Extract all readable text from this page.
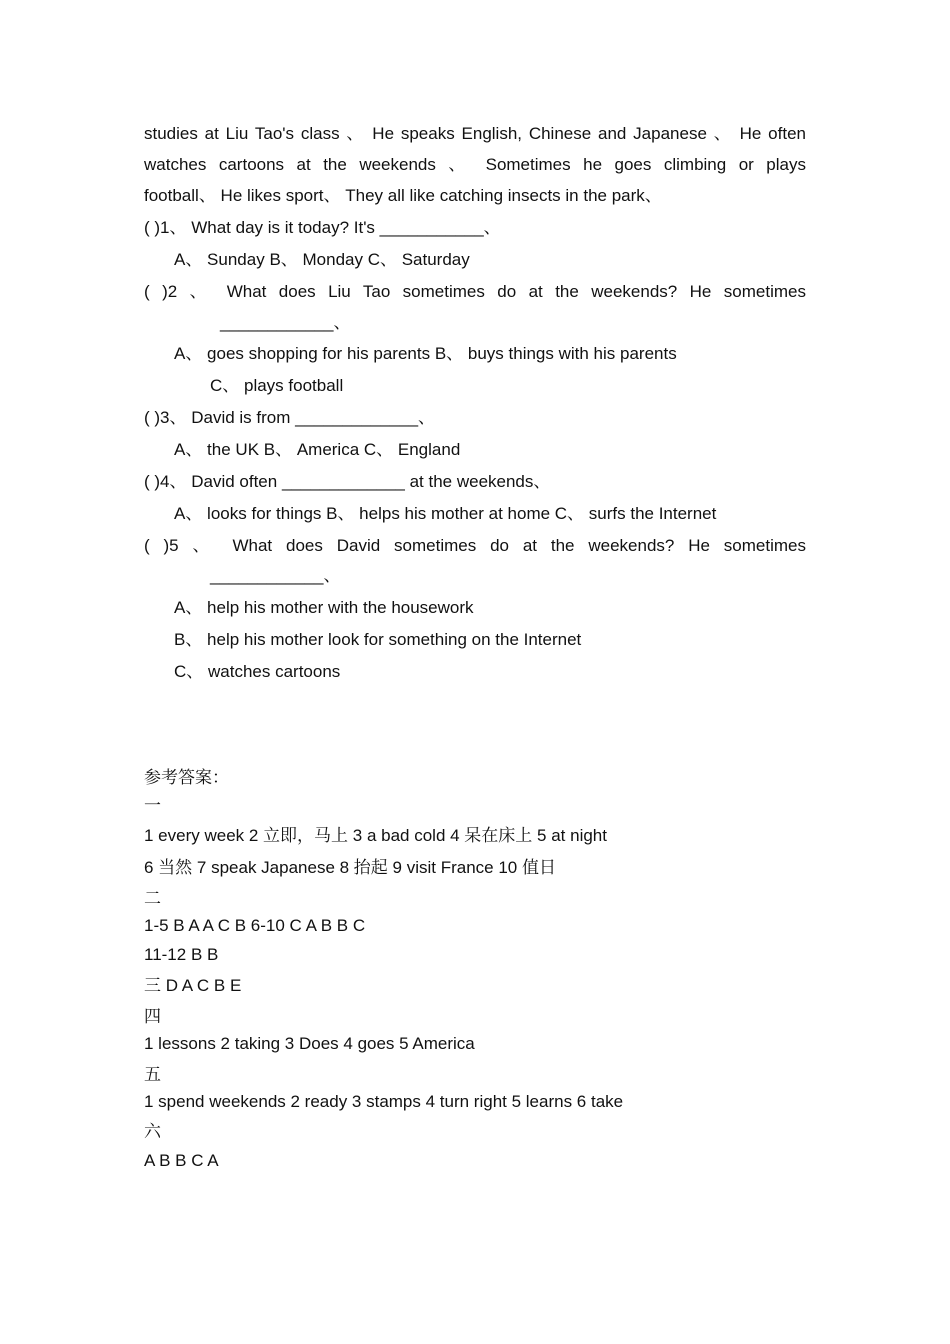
studies at Liu Tao's class 、 He speaks English, Chinese and Japanese 、 He often
watches cartoons at the weekends 、 Sometimes he goes climbing or plays
football、 He likes sport、 They all like catching insects in the park、
( )1、 What day is it today? It's ___________、
A、 Sunday B、 Monday C、 Saturday
( )2 、 What does Liu Tao sometimes do at the weekends? He sometimes
____________、
A、 goes shopping for his parents B、 buys things with his parents
C、 plays football
( )3、 David is from _____________、
A、 the UK B、 America C、 England
( )4、 David often _____________ at the weekends、
A、 looks for things B、 helps his mother at home C、 surfs the Internet
( )5 、 What does David sometimes do at the weekends? He sometimes
____________、
A、 help his mother with the housework
B、 help his mother look for something on the Internet
C、 watches cartoons
参考答案：
一
1 every week 2 立即，马上 3 a bad cold 4 呆在床上 5 at night
6 当然 7 speak Japanese 8 抬起 9 visit France 10 值日
二
1-5 B A A C B 6-10 C A B B C
11-12 B B
三 D A C B E
四
1 lessons 2 taking 3 Does 4 goes 5 America
五
1 spend weekends 2 ready 3 stamps 4 turn right 5 learns 6 take
六
A B B C A
